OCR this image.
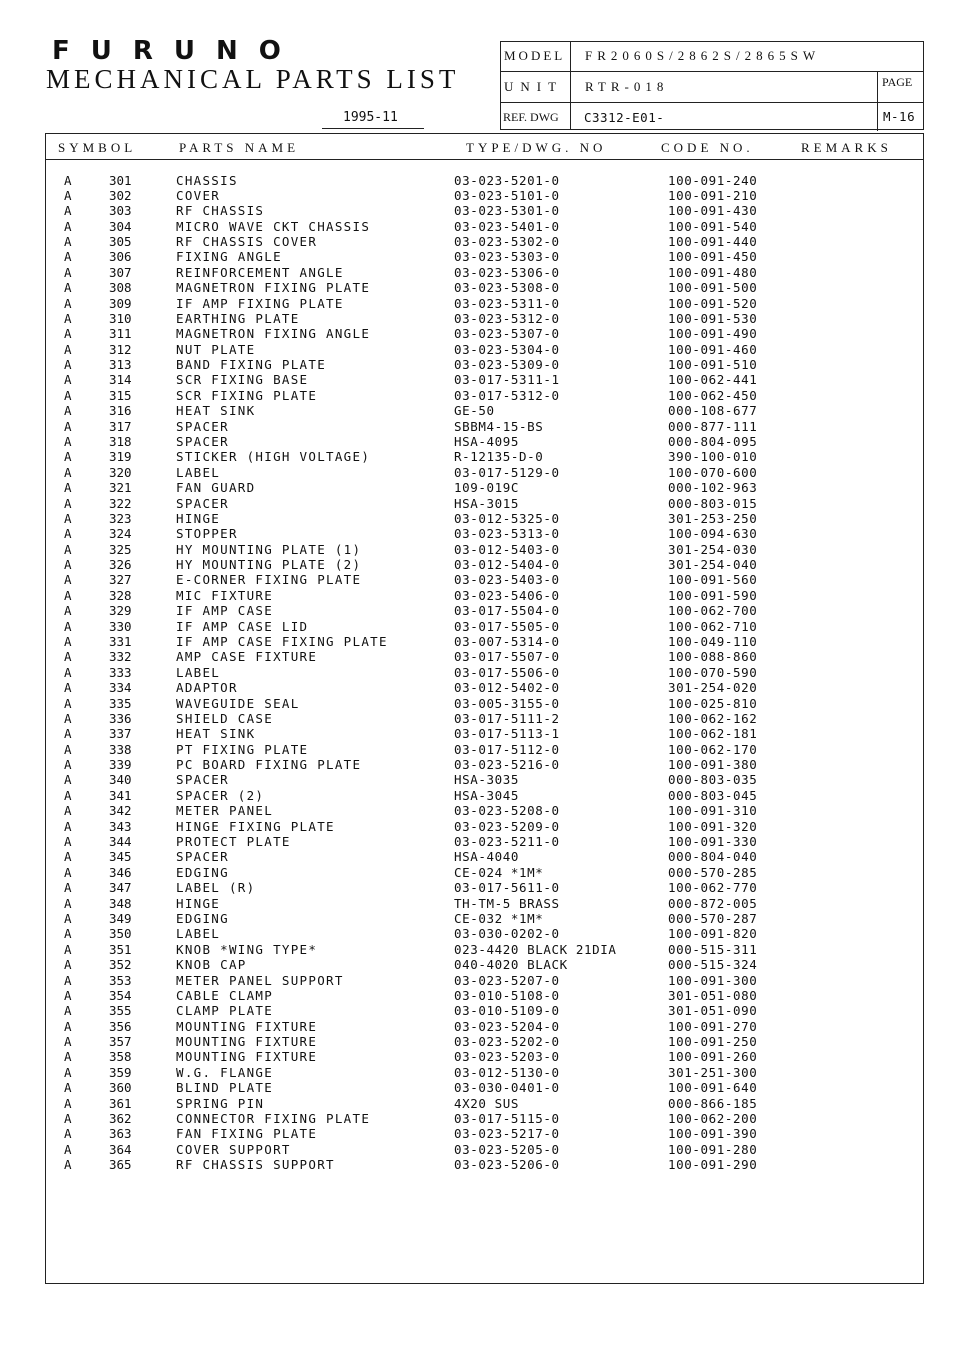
FURUNO
MECHANICAL PARTS LIST
1995-11
MODEL FR2060S/2862S/2865SW
UNIT RTR-018	PAGE
REF. DWG C3312-E01-	M-16
SYMBOL	PARTS NAME	TYPE/DWG. NO	CODE NO.	REMARKS
A	301	CHASSIS	03-023-5201-0	100-091-240
A	302	COVER	03-023-5101-0	100-091-210
A	303	RF CHASSIS	03-023-5301-0	100-091-430
A	304	MICRO WAVE CKT CHASSIS	03-023-5401-0	100-091-540
A	305	RF CHASSIS COVER	03-023-5302-0	100-091-440
A	306	FIXING ANGLE	03-023-5303-0	100-091-450
A	307	REINFORCEMENT ANGLE	03-023-5306-0	100-091-480
A	308	MAGNETRON FIXING PLATE	03-023-5308-0	100-091-500
A	309	IF AMP FIXING PLATE	03-023-5311-0	100-091-520
A	310	EARTHING PLATE	03-023-5312-0	100-091-530
A	311	MAGNETRON FIXING ANGLE	03-023-5307-0	100-091-490
A	312	NUT PLATE	03-023-5304-0	100-091-460
A	313	BAND FIXING PLATE	03-023-5309-0	100-091-510
A	314	SCR FIXING BASE	03-017-5311-1	100-062-441
A	315	SCR FIXING PLATE	03-017-5312-0	100-062-450
A	316	HEAT SINK	GE-50	000-108-677
A	317	SPACER	SBBM4-15-BS	000-877-111
A	318	SPACER	HSA-4095	000-804-095
A	319	STICKER (HIGH VOLTAGE)	R-12135-D-0	390-100-010
A	320	LABEL	03-017-5129-0	100-070-600
A	321	FAN GUARD	109-019C	000-102-963
A	322	SPACER	HSA-3015	000-803-015
A	323	HINGE	03-012-5325-0	301-253-250
A	324	STOPPER	03-023-5313-0	100-094-630
A	325	HY MOUNTING PLATE (1)	03-012-5403-0	301-254-030
A	326	HY MOUNTING PLATE (2)	03-012-5404-0	301-254-040
A	327	E-CORNER FIXING PLATE	03-023-5403-0	100-091-560
A	328	MIC FIXTURE	03-023-5406-0	100-091-590
A	329	IF AMP CASE	03-017-5504-0	100-062-700
A	330	IF AMP CASE LID	03-017-5505-0	100-062-710
A	331	IF AMP CASE FIXING PLATE	03-007-5314-0	100-049-110
A	332	AMP CASE FIXTURE	03-017-5507-0	100-088-860
A	333	LABEL	03-017-5506-0	100-070-590
A	334	ADAPTOR	03-012-5402-0	301-254-020
A	335	WAVEGUIDE SEAL	03-005-3155-0	100-025-810
A	336	SHIELD CASE	03-017-5111-2	100-062-162
A	337	HEAT SINK	03-017-5113-1	100-062-181
A	338	PT FIXING PLATE	03-017-5112-0	100-062-170
A	339	PC BOARD FIXING PLATE	03-023-5216-0	100-091-380
A	340	SPACER	HSA-3035	000-803-035
A	341	SPACER (2)	HSA-3045	000-803-045
A	342	METER PANEL	03-023-5208-0	100-091-310
A	343	HINGE FIXING PLATE	03-023-5209-0	100-091-320
A	344	PROTECT PLATE	03-023-5211-0	100-091-330
A	345	SPACER	HSA-4040	000-804-040
A	346	EDGING	CE-024 *1M*	000-570-285
A	347	LABEL (R)	03-017-5611-0	100-062-770
A	348	HINGE	TH-TM-5 BRASS	000-872-005
A	349	EDGING	CE-032 *1M*	000-570-287
A	350	LABEL	03-030-0202-0	100-091-820
A	351	KNOB *WING TYPE*	023-4420 BLACK 21DIA	000-515-311
A	352	KNOB CAP	040-4020 BLACK	000-515-324
A	353	METER PANEL SUPPORT	03-023-5207-0	100-091-300
A	354	CABLE CLAMP	03-010-5108-0	301-051-080
A	355	CLAMP PLATE	03-010-5109-0	301-051-090
A	356	MOUNTING FIXTURE	03-023-5204-0	100-091-270
A	357	MOUNTING FIXTURE	03-023-5202-0	100-091-250
A	358	MOUNTING FIXTURE	03-023-5203-0	100-091-260
A	359	W.G. FLANGE	03-012-5130-0	301-251-300
A	360	BLIND PLATE	03-030-0401-0	100-091-640
A	361	SPRING PIN	4X20 SUS	000-866-185
A	362	CONNECTOR FIXING PLATE	03-017-5115-0	100-062-200
A	363	FAN FIXING PLATE	03-023-5217-0	100-091-390
A	364	COVER SUPPORT	03-023-5205-0	100-091-280
A	365	RF CHASSIS SUPPORT	03-023-5206-0	100-091-290
